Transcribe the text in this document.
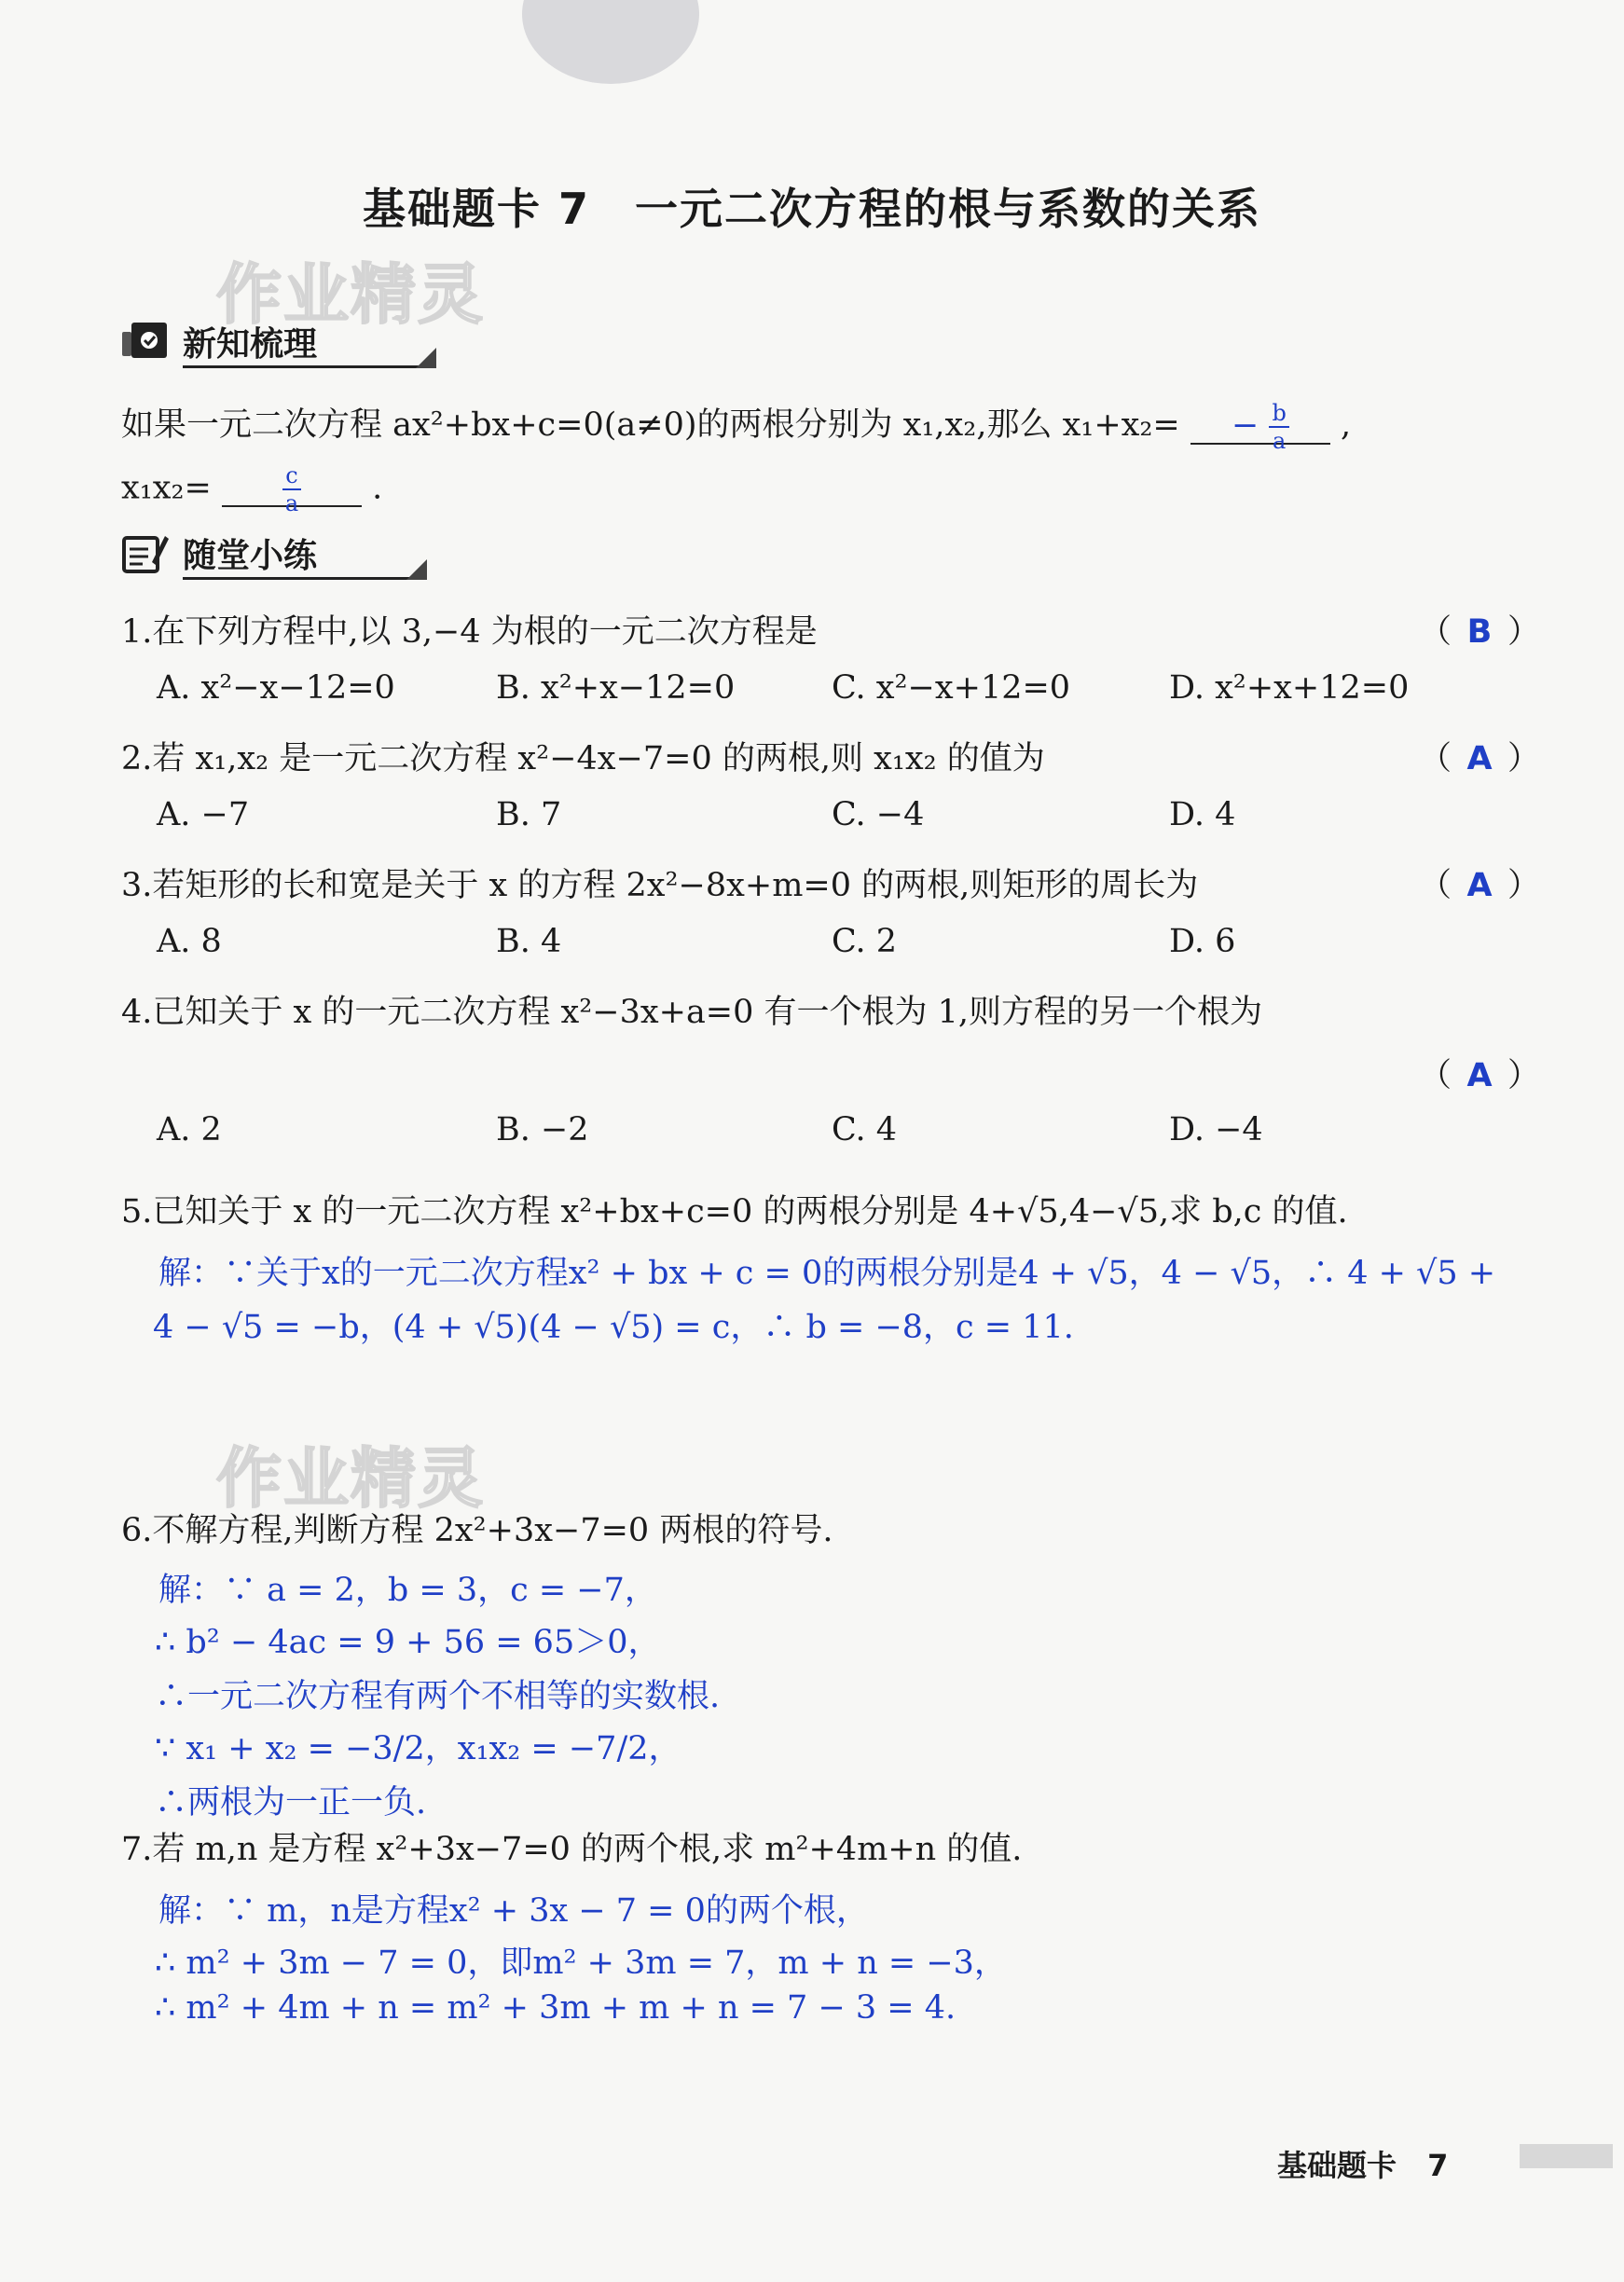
基础题卡 7　一元二次方程的根与系数的关系
作业精灵
作业精灵
新知梳理
如果一元二次方程 ax²+bx+c=0(a≠0)的两根分别为 x₁,x₂,那么 $x_1+x_2= - \frac{b}{a}$ ,
x₁x₂=	$\frac{c}{a}$ .
随堂小练
1.在下列方程中,以 3,−4 为根的一元二次方程是	（ B ）
A. x²−x−12=0	B. x²+x−12=0	C. x²−x+12=0	D. x²+x+12=0
2.若 x₁,x₂ 是一元二次方程 x²−4x−7=0 的两根,则 x₁x₂ 的值为	（ A ）
A. −7	B. 7	C. −4	D. 4
3.若矩形的长和宽是关于 x 的方程 2x²−8x+m=0 的两根,则矩形的周长为	（ A ）
A. 8	B. 4	C. 2	D. 6
4.已知关于 x 的一元二次方程 x²−3x+a=0 有一个根为 1,则方程的另一个根为
（ A ）
A. 2	B. −2	C. 4	D. −4
5.已知关于 x 的一元二次方程 x²+bx+c=0 的两根分别是 4+√5,4−√5,求 b,c 的值.
解：∵关于x的一元二次方程x² + bx + c = 0的两根分别是4 + √5，4 − √5，∴ 4 + √5 +
4 − √5 = −b，(4 + √5)(4 − √5) = c，∴ b = −8，c = 11.
6.不解方程,判断方程 2x²+3x−7=0 两根的符号.
解：∵ a = 2，b = 3，c = −7，
∴ b² − 4ac = 9 + 56 = 65＞0，
∴一元二次方程有两个不相等的实数根.
∵ x₁ + x₂ = −3/2，x₁x₂ = −7/2，
∴两根为一正一负.
7.若 m,n 是方程 x²+3x−7=0 的两个根,求 m²+4m+n 的值.
解：∵ m，n是方程x² + 3x − 7 = 0的两个根，
∴ m² + 3m − 7 = 0，即m² + 3m = 7，m + n = −3，
∴ m² + 4m + n = m² + 3m + m + n = 7 − 3 = 4.
基础题卡 7
